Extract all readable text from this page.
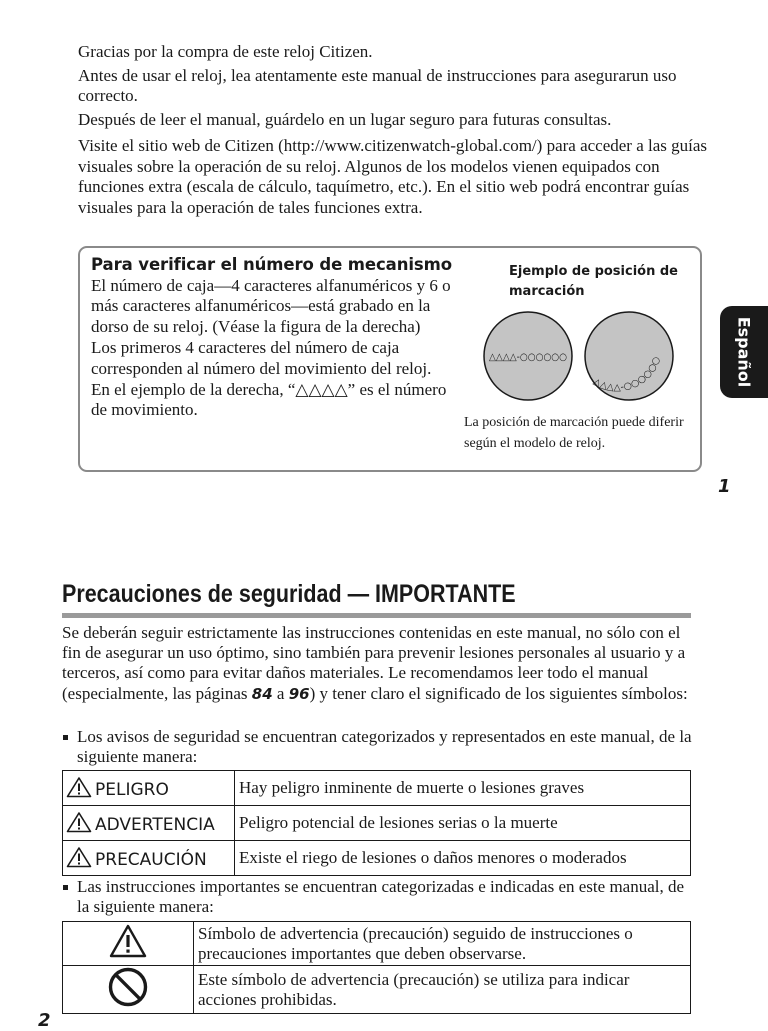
Gracias por la compra de este reloj Citizen.

Antes de usar el reloj, lea atentamente este manual de instrucciones para asegurarun uso correcto.

Después de leer el manual, guárdelo en un lugar seguro para futuras consultas.

Visite el sitio web de Citizen (http://www.citizenwatch-global.com/) para acceder a las guías visuales sobre la operación de su reloj. Algunos de los modelos vienen equipados con funciones extra (escala de cálculo, taquímetro, etc.). En el sitio web podrá encontrar guías visuales para la operación de tales funciones extra.

Para verificar el número de mecanismo

El número de caja—4 caracteres alfanuméricos y 6 o más caracteres alfanuméricos—está grabado en la dorso de su reloj. (Véase la figura de la derecha)

Los primeros 4 caracteres del número de caja corresponden al número del movimiento del reloj.

En el ejemplo de la derecha, “△△△△” es el número de movimiento.

Ejemplo de posición de marcación
△△△△-○○○○○○
△△△△-○○○○○○
La posición de marcación puede diferir según el modelo de reloj.
Español
1
2
Precauciones de seguridad — IMPORTANTE

Se deberán seguir estrictamente las instrucciones contenidas en este manual, no sólo con el fin de asegurar un uso óptimo, sino también para prevenir lesiones personales al usuario y a terceros, así como para evitar daños materiales. Le recomendamos leer todo el manual (especialmente, las páginas 84 a 96) y tener claro el significado de los siguientes símbolos:

Los avisos de seguridad se encuentran categorizados y representados en este manual, de la siguiente manera:
PELIGRO	Hay peligro inminente de muerte o lesiones graves
ADVERTENCIA	Peligro potencial de lesiones serias o la muerte
PRECAUCIÓN	Existe el riego de lesiones o daños menores o moderados
Las instrucciones importantes se encuentran categorizadas e indicadas en este manual, de la siguiente manera:
	Símbolo de advertencia (precaución) seguido de instrucciones o precauciones importantes que deben observarse.
	Este símbolo de advertencia (precaución) se utiliza para indicar acciones prohibidas.
